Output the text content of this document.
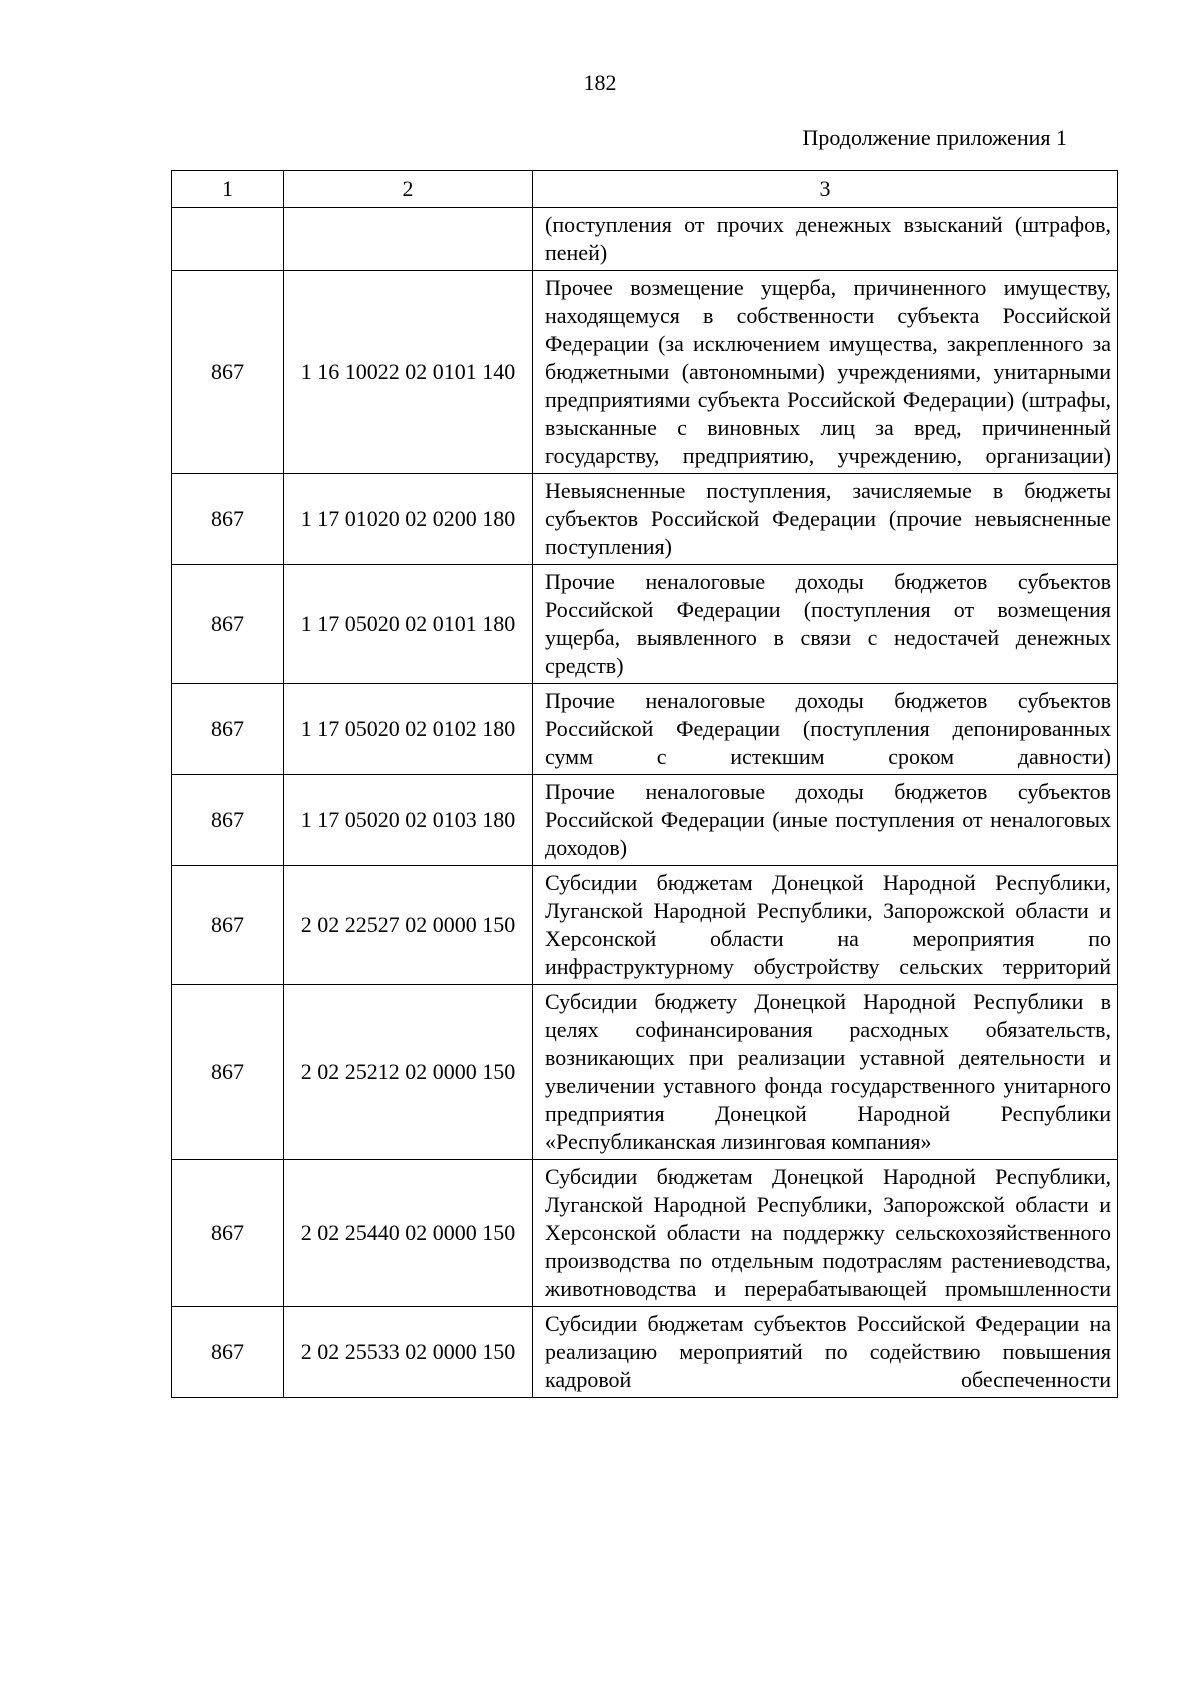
182
Продолжение приложения 1
1	2	3
		(поступления от прочих денежных взысканий (штрафов, пеней)
867	1 16 10022 02 0101 140	Прочее возмещение ущерба, причиненного имуществу, находящемуся в собственности субъекта Российской Федерации (за исключением имущества, закрепленного за бюджетными (автономными) учреждениями, унитарными предприятиями субъекта Российской Федерации) (штрафы, взысканные с виновных лиц за вред, причиненный государству, предприятию, учреждению, организации)
867	1 17 01020 02 0200 180	Невыясненные поступления, зачисляемые в бюджеты субъектов Российской Федерации (прочие невыясненные поступления)
867	1 17 05020 02 0101 180	Прочие неналоговые доходы бюджетов субъектов Российской Федерации (поступления от возмещения ущерба, выявленного в связи с недостачей денежных средств)
867	1 17 05020 02 0102 180	Прочие неналоговые доходы бюджетов субъектов Российской Федерации (поступления депонированных сумм с истекшим сроком давности)
867	1 17 05020 02 0103 180	Прочие неналоговые доходы бюджетов субъектов Российской Федерации (иные поступления от неналоговых доходов)
867	2 02 22527 02 0000 150	Субсидии бюджетам Донецкой Народной Республики, Луганской Народной Республики, Запорожской области и Херсонской области на мероприятия по инфраструктурному обустройству сельских территорий
867	2 02 25212 02 0000 150	Субсидии бюджету Донецкой Народной Республики в целях софинансирования расходных обязательств, возникающих при реализации уставной деятельности и увеличении уставного фонда государственного унитарного предприятия Донецкой Народной Республики «Республиканская лизинговая компания»
867	2 02 25440 02 0000 150	Субсидии бюджетам Донецкой Народной Республики, Луганской Народной Республики, Запорожской области и Херсонской области на поддержку сельскохозяйственного производства по отдельным подотраслям растениеводства, животноводства и перерабатывающей промышленности
867	2 02 25533 02 0000 150	Субсидии бюджетам субъектов Российской Федерации на реализацию мероприятий по содействию повышения кадровой обеспеченности
